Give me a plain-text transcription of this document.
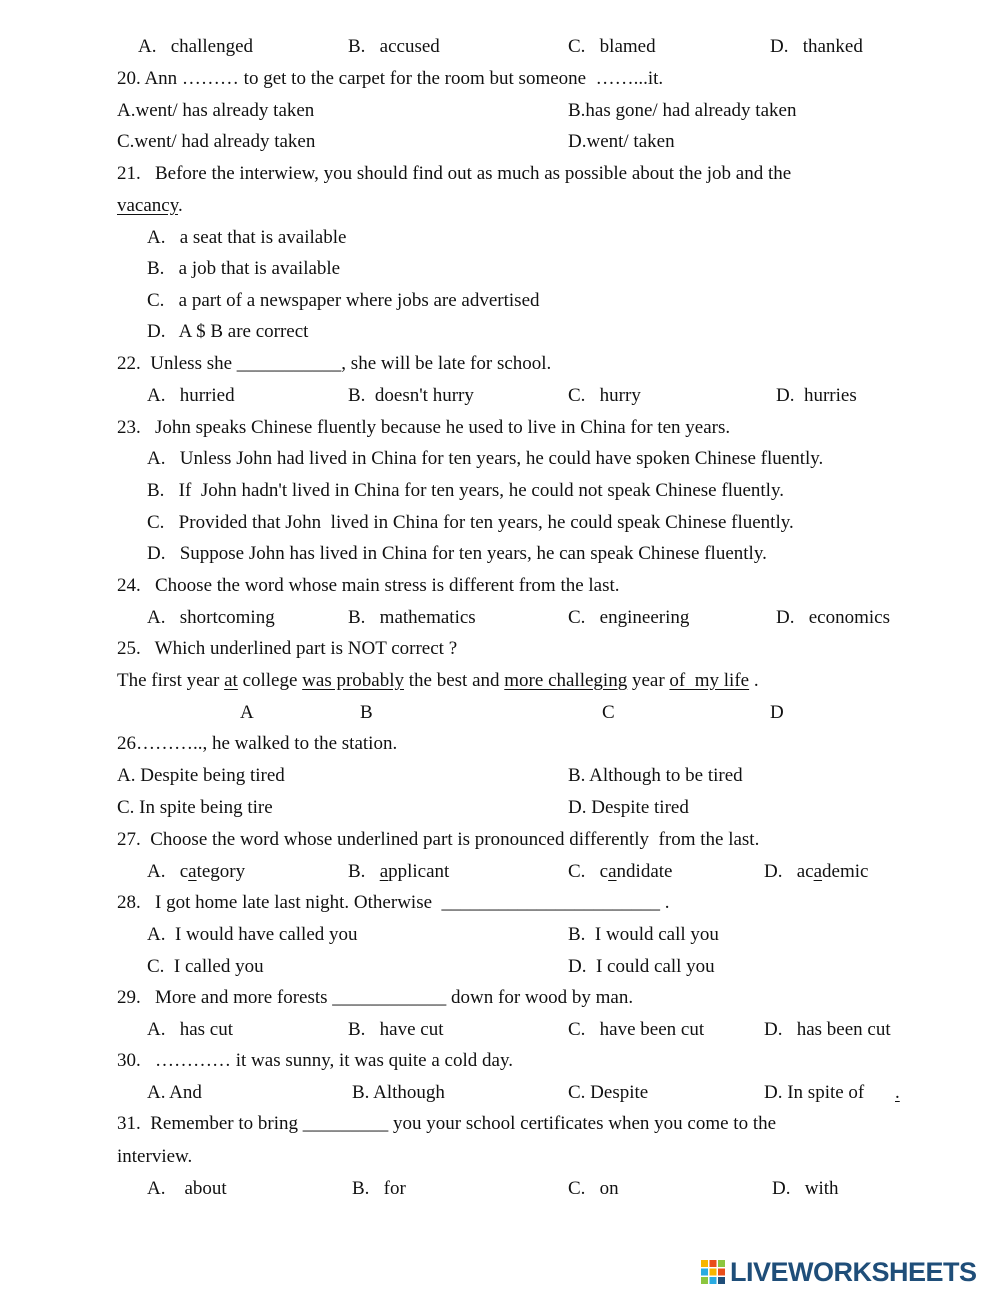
A.   challenged	B.   accused	C.   blamed	D.   thanked
20. Ann ……… to get to the carpet for the room but someone  ……...it.
A.went/ has already taken	B.has gone/ had already taken
C.went/ had already taken	D.went/ taken
21.   Before the interwiew, you should find out as much as possible about the job and the
vacancy.
A.   a seat that is available
B.   a job that is available
C.   a part of a newspaper where jobs are advertised
D.   A $ B are correct
22.  Unless she ___________, she will be late for school.
A.   hurried	B.  doesn't hurry	C.   hurry	D.  hurries
23.   John speaks Chinese fluently because he used to live in China for ten years.
A.   Unless John had lived in China for ten years, he could have spoken Chinese fluently.
B.   If  John hadn't lived in China for ten years, he could not speak Chinese fluently.
C.   Provided that John  lived in China for ten years, he could speak Chinese fluently.
D.   Suppose John has lived in China for ten years, he can speak Chinese fluently.
24.   Choose the word whose main stress is different from the last.
A.   shortcoming	B.   mathematics	C.   engineering	D.   economics
25.   Which underlined part is NOT correct ?
The first year at college was probably the best and more challeging year of  my life .
A	B	C	D
26……….., he walked to the station.
A. Despite being tired	B. Although to be tired
C. In spite being tire	D. Despite tired
27.  Choose the word whose underlined part is pronounced differently  from the last.
A.   category	B.   applicant	C.   candidate	D.   academic
28.   I got home late last night. Otherwise  _______________________ .
A.  I would have called you	B.  I would call you
C.  I called you	D.  I could call you
29.   More and more forests ____________ down for wood by man.
A.   has cut	B.   have cut	C.   have been cut	D.   has been cut
30.   ………… it was sunny, it was quite a cold day.
A. And	B. Although	C. Despite	D. In spite of .
31.  Remember to bring _________ you your school certificates when you come to the
interview.
A.    about	B.   for	C.   on	D.   with
LIVEWORKSHEETS
